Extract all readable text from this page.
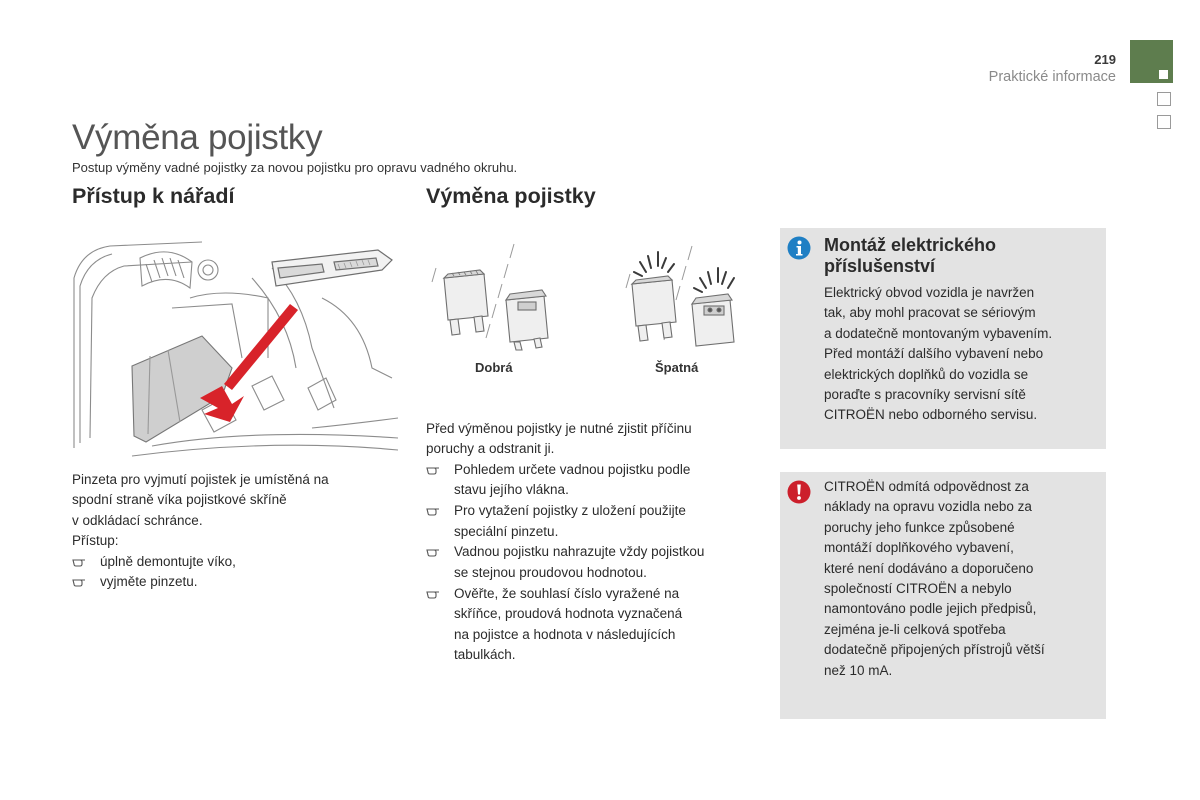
219
Praktické informace
Výměna pojistky
Postup výměny vadné pojistky za novou pojistku pro opravu vadného okruhu.
Přístup k nářadí	Výměna pojistky
Dobrá	Špatná

Pinzeta pro vyjmutí pojistek je umístěná na

spodní straně víka pojistkové skříně

v odkládací schránce.

Přístup:

úplně demontujte víko,

vyjměte pinzetu.

Před výměnou pojistky je nutné zjistit příčinu

poruchy a odstranit ji.

Pohledem určete vadnou pojistku podle

stavu jejího vlákna.

Pro vytažení pojistky z uložení použijte

speciální pinzetu.

Vadnou pojistku nahrazujte vždy pojistkou

se stejnou proudovou hodnotou.

Ověřte, že souhlasí číslo vyražené na

skříňce, proudová hodnota vyznačená

na pojistce a hodnota v následujících

tabulkách.

Montáž elektrického
příslušenství
Elektrický obvod vozidla je navržen
tak, aby mohl pracovat se sériovým
a dodatečně montovaným vybavením.
Před montáží dalšího vybavení nebo
elektrických doplňků do vozidla se
poraďte s pracovníky servisní sítě
CITROËN nebo odborného servisu.
CITROËN odmítá odpovědnost za
náklady na opravu vozidla nebo za
poruchy jeho funkce způsobené
montáží doplňkového vybavení,
které není dodáváno a doporučeno
společností CITROËN a nebylo
namontováno podle jejich předpisů,
zejména je-li celková spotřeba
dodatečně připojených přístrojů větší
než 10 mA.
